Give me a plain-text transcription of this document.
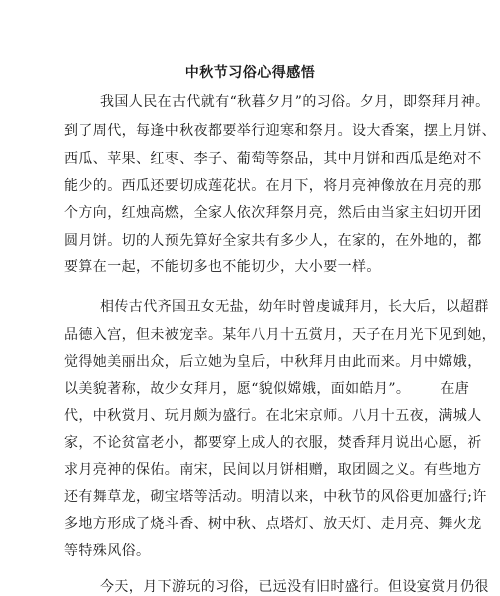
中秋节习俗心得感悟
我国人民在古代就有“秋暮夕月”的习俗。夕月，即祭拜月神。
到了周代，每逢中秋夜都要举行迎寒和祭月。设大香案，摆上月饼、
西瓜、苹果、红枣、李子、葡萄等祭品，其中月饼和西瓜是绝对不
能少的。西瓜还要切成莲花状。在月下，将月亮神像放在月亮的那
个方向，红烛高燃，全家人依次拜祭月亮，然后由当家主妇切开团
圆月饼。切的人预先算好全家共有多少人，在家的，在外地的，都
要算在一起，不能切多也不能切少，大小要一样。
相传古代齐国丑女无盐，幼年时曾虔诚拜月，长大后，以超群
品德入宫，但未被宠幸。某年八月十五赏月，天子在月光下见到她，
觉得她美丽出众，后立她为皇后，中秋拜月由此而来。月中嫦娥，
以美貌著称，故少女拜月，愿“貌似嫦娥，面如皓月”。 在唐
代，中秋赏月、玩月颇为盛行。在北宋京师。八月十五夜，满城人
家，不论贫富老小，都要穿上成人的衣服，焚香拜月说出心愿，祈
求月亮神的保佑。南宋，民间以月饼相赠，取团圆之义。有些地方
还有舞草龙，砌宝塔等活动。明清以来，中秋节的风俗更加盛行;许
多地方形成了烧斗香、树中秋、点塔灯、放天灯、走月亮、舞火龙
等特殊风俗。
今天，月下游玩的习俗，已远没有旧时盛行。但设宴赏月仍很
